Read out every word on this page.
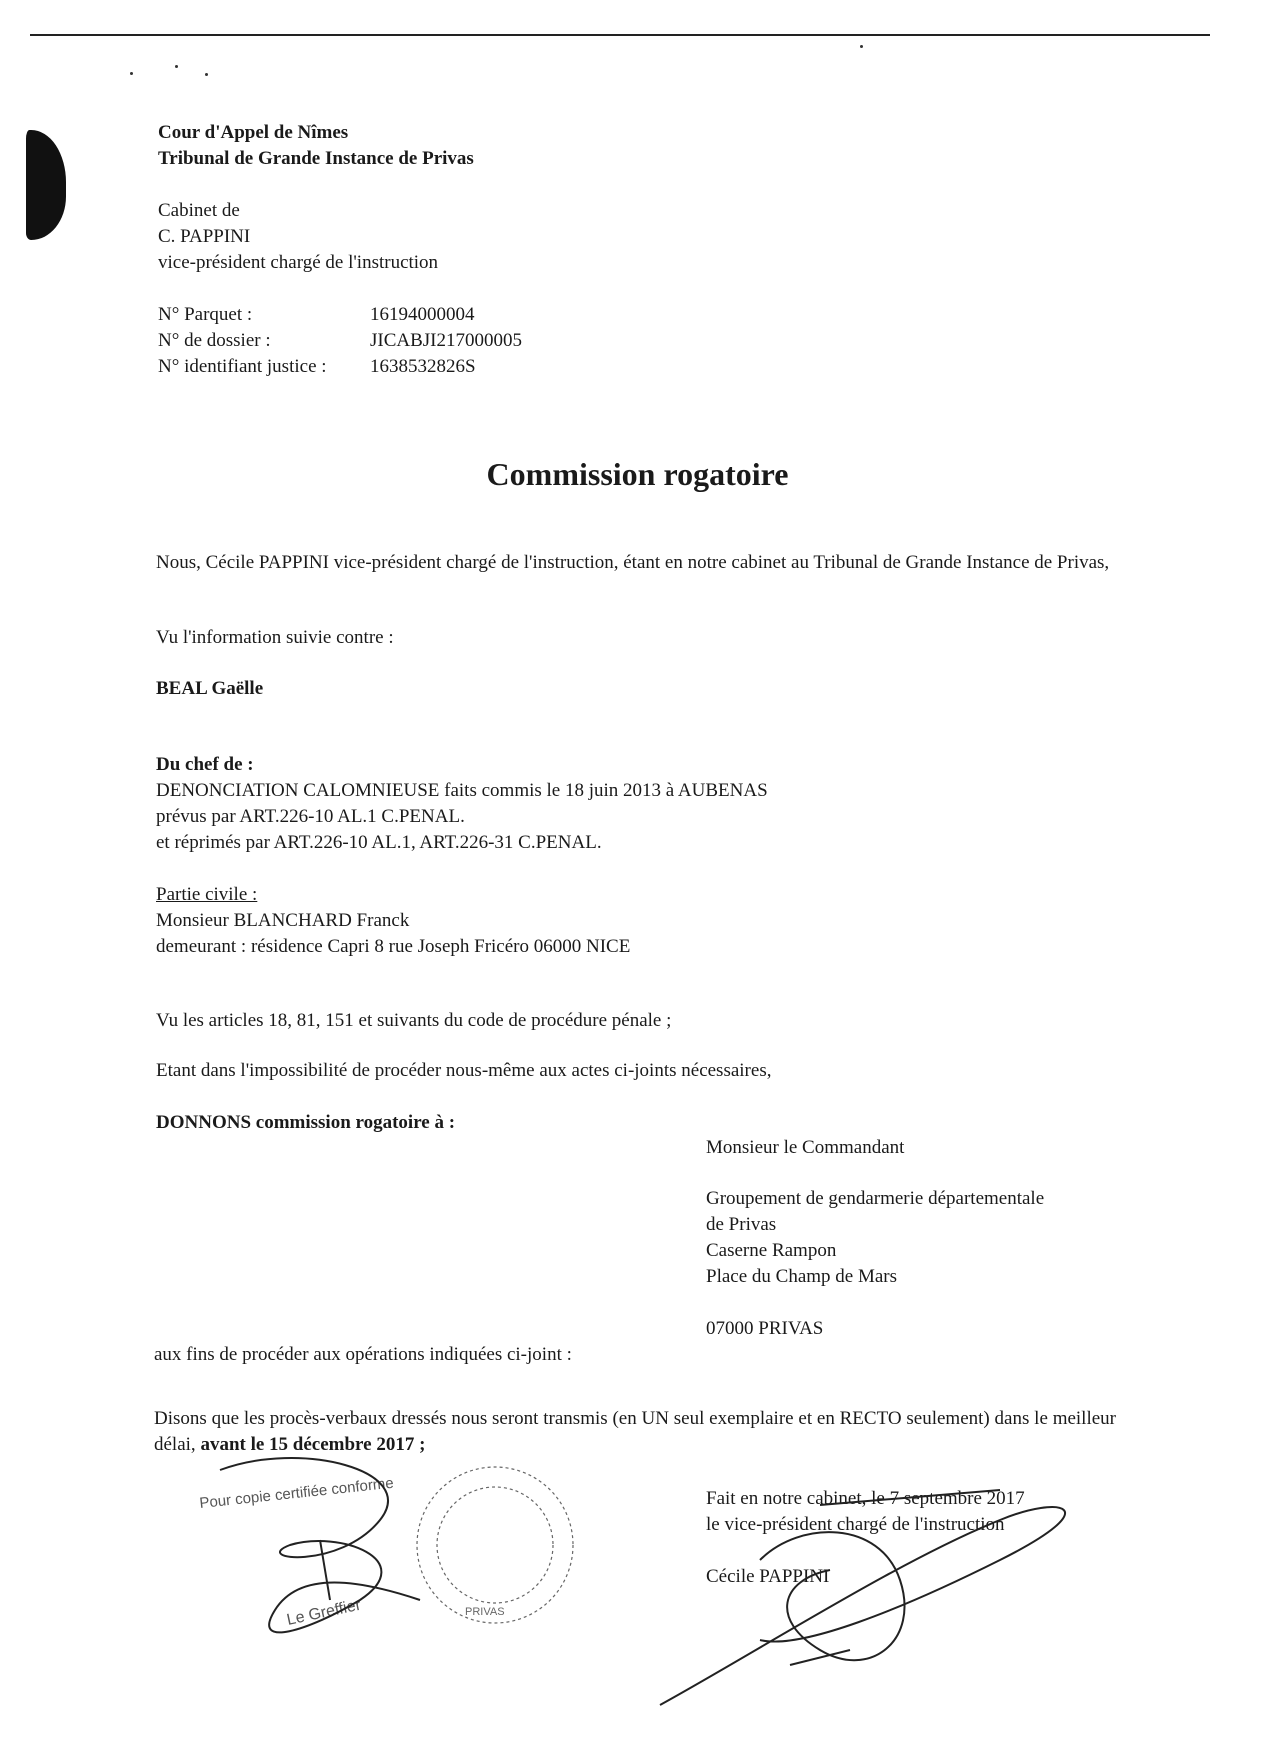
Cour d'Appel de Nîmes
Tribunal de Grande Instance de Privas
Cabinet de
C. PAPPINI
vice-président chargé de l'instruction
N° Parquet :	16194000004
N° de dossier :	JICABJI217000005
N° identifiant justice : 1638532826S
Commission rogatoire
Nous, Cécile PAPPINI vice-président chargé de l'instruction, étant en notre cabinet au Tribunal de Grande Instance de Privas,
Vu l'information suivie contre :
BEAL Gaëlle
Du chef de :
DENONCIATION CALOMNIEUSE faits commis le 18 juin 2013 à AUBENAS
prévus par ART.226-10 AL.1 C.PENAL.
et réprimés par ART.226-10 AL.1, ART.226-31 C.PENAL.
Partie civile :
Monsieur BLANCHARD Franck
demeurant : résidence Capri 8 rue Joseph Fricéro 06000 NICE
Vu les articles 18, 81, 151 et suivants du code de procédure pénale ;
Etant dans l'impossibilité de procéder nous-même aux actes ci-joints nécessaires,
DONNONS commission rogatoire à :
Monsieur le Commandant
Groupement de gendarmerie départementale
de Privas
Caserne Rampon
Place du Champ de Mars
07000 PRIVAS
aux fins de procéder aux opérations indiquées ci-joint :
Disons que les procès-verbaux dressés nous seront transmis (en UN seul exemplaire et en RECTO seulement) dans le meilleur délai, avant le 15 décembre 2017 ;
Fait en notre cabinet, le 7 septembre 2017
le vice-président chargé de l'instruction
Cécile PAPPINI
Pour copie certifiée conforme
Le Greffier	PRIVAS
